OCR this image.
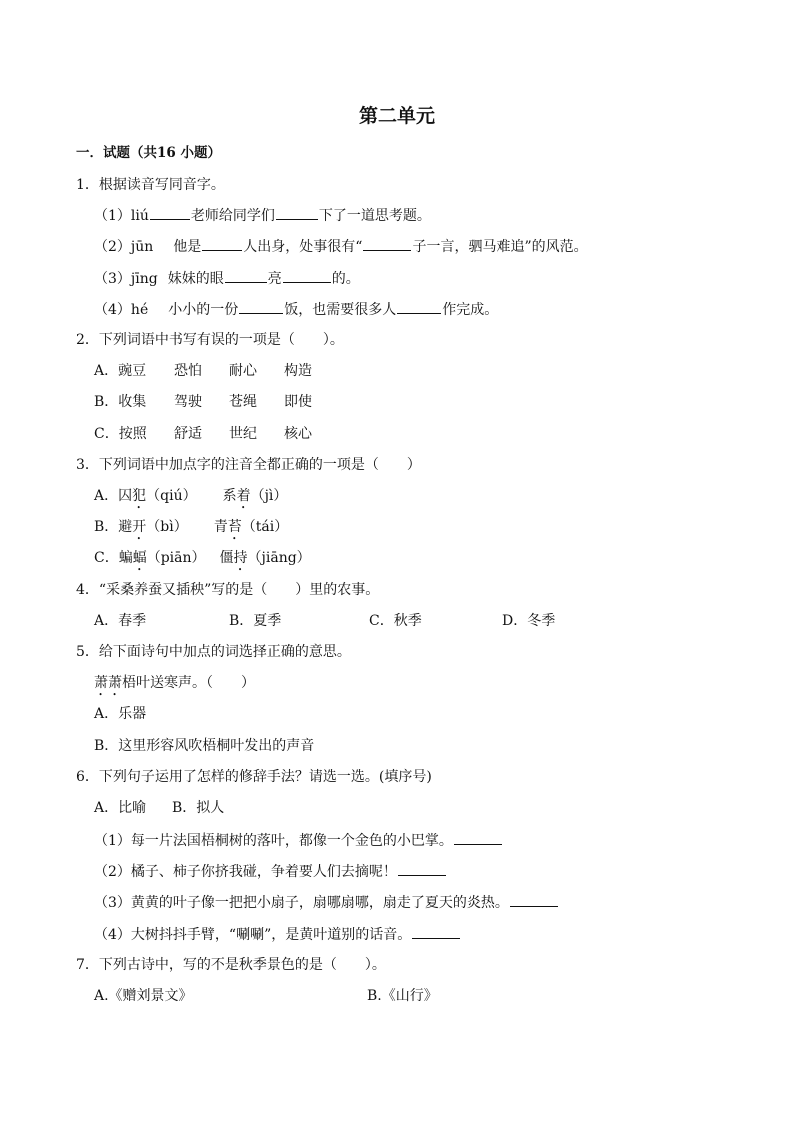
第二单元
一．试题（共16 小题）
1．根据读音写同音字。
（1）liú	老师给同学们	下了一道思考题。
（2）jūn 他是	人出身，处事很有“	子一言，驷马难追”的风范。
（3）jīng 妹妹的眼	亮	的。
（4）hé 小小的一份	饭，也需要很多人	作完成。
2．下列词语中书写有误的一项是（　　）。
A．豌豆 恐怕 耐心 构造
B．收集 驾驶 苍绳 即使
C．按照 舒适 世纪 核心
3．下列词语中加点字的注音全都正确的一项是（　　）
A．囚犯（qiú） 系着（jì）
B．避开（bì） 青苔（tái）
C．蝙蝠（piān） 僵持（jiāng）
4．“采桑养蚕又插秧”写的是（　　）里的农事。
A．春季	B．夏季	C．秋季	D．冬季
5．给下面诗句中加点的词选择正确的意思。
萧萧梧叶送寒声。（　　）
A．乐器
B．这里形容风吹梧桐叶发出的声音
6．下列句子运用了怎样的修辞手法？请选一选。(填序号)
A．比喻 B．拟人
（1）每一片法国梧桐树的落叶，都像一个金色的小巴掌。
（2）橘子、柿子你挤我碰，争着要人们去摘呢！
（3）黄黄的叶子像一把把小扇子，扇哪扇哪，扇走了夏天的炎热。
（4）大树抖抖手臂，“唰唰”，是黄叶道别的话音。
7．下列古诗中，写的不是秋季景色的是（　　）。
A.《赠刘景文》	B.《山行》
